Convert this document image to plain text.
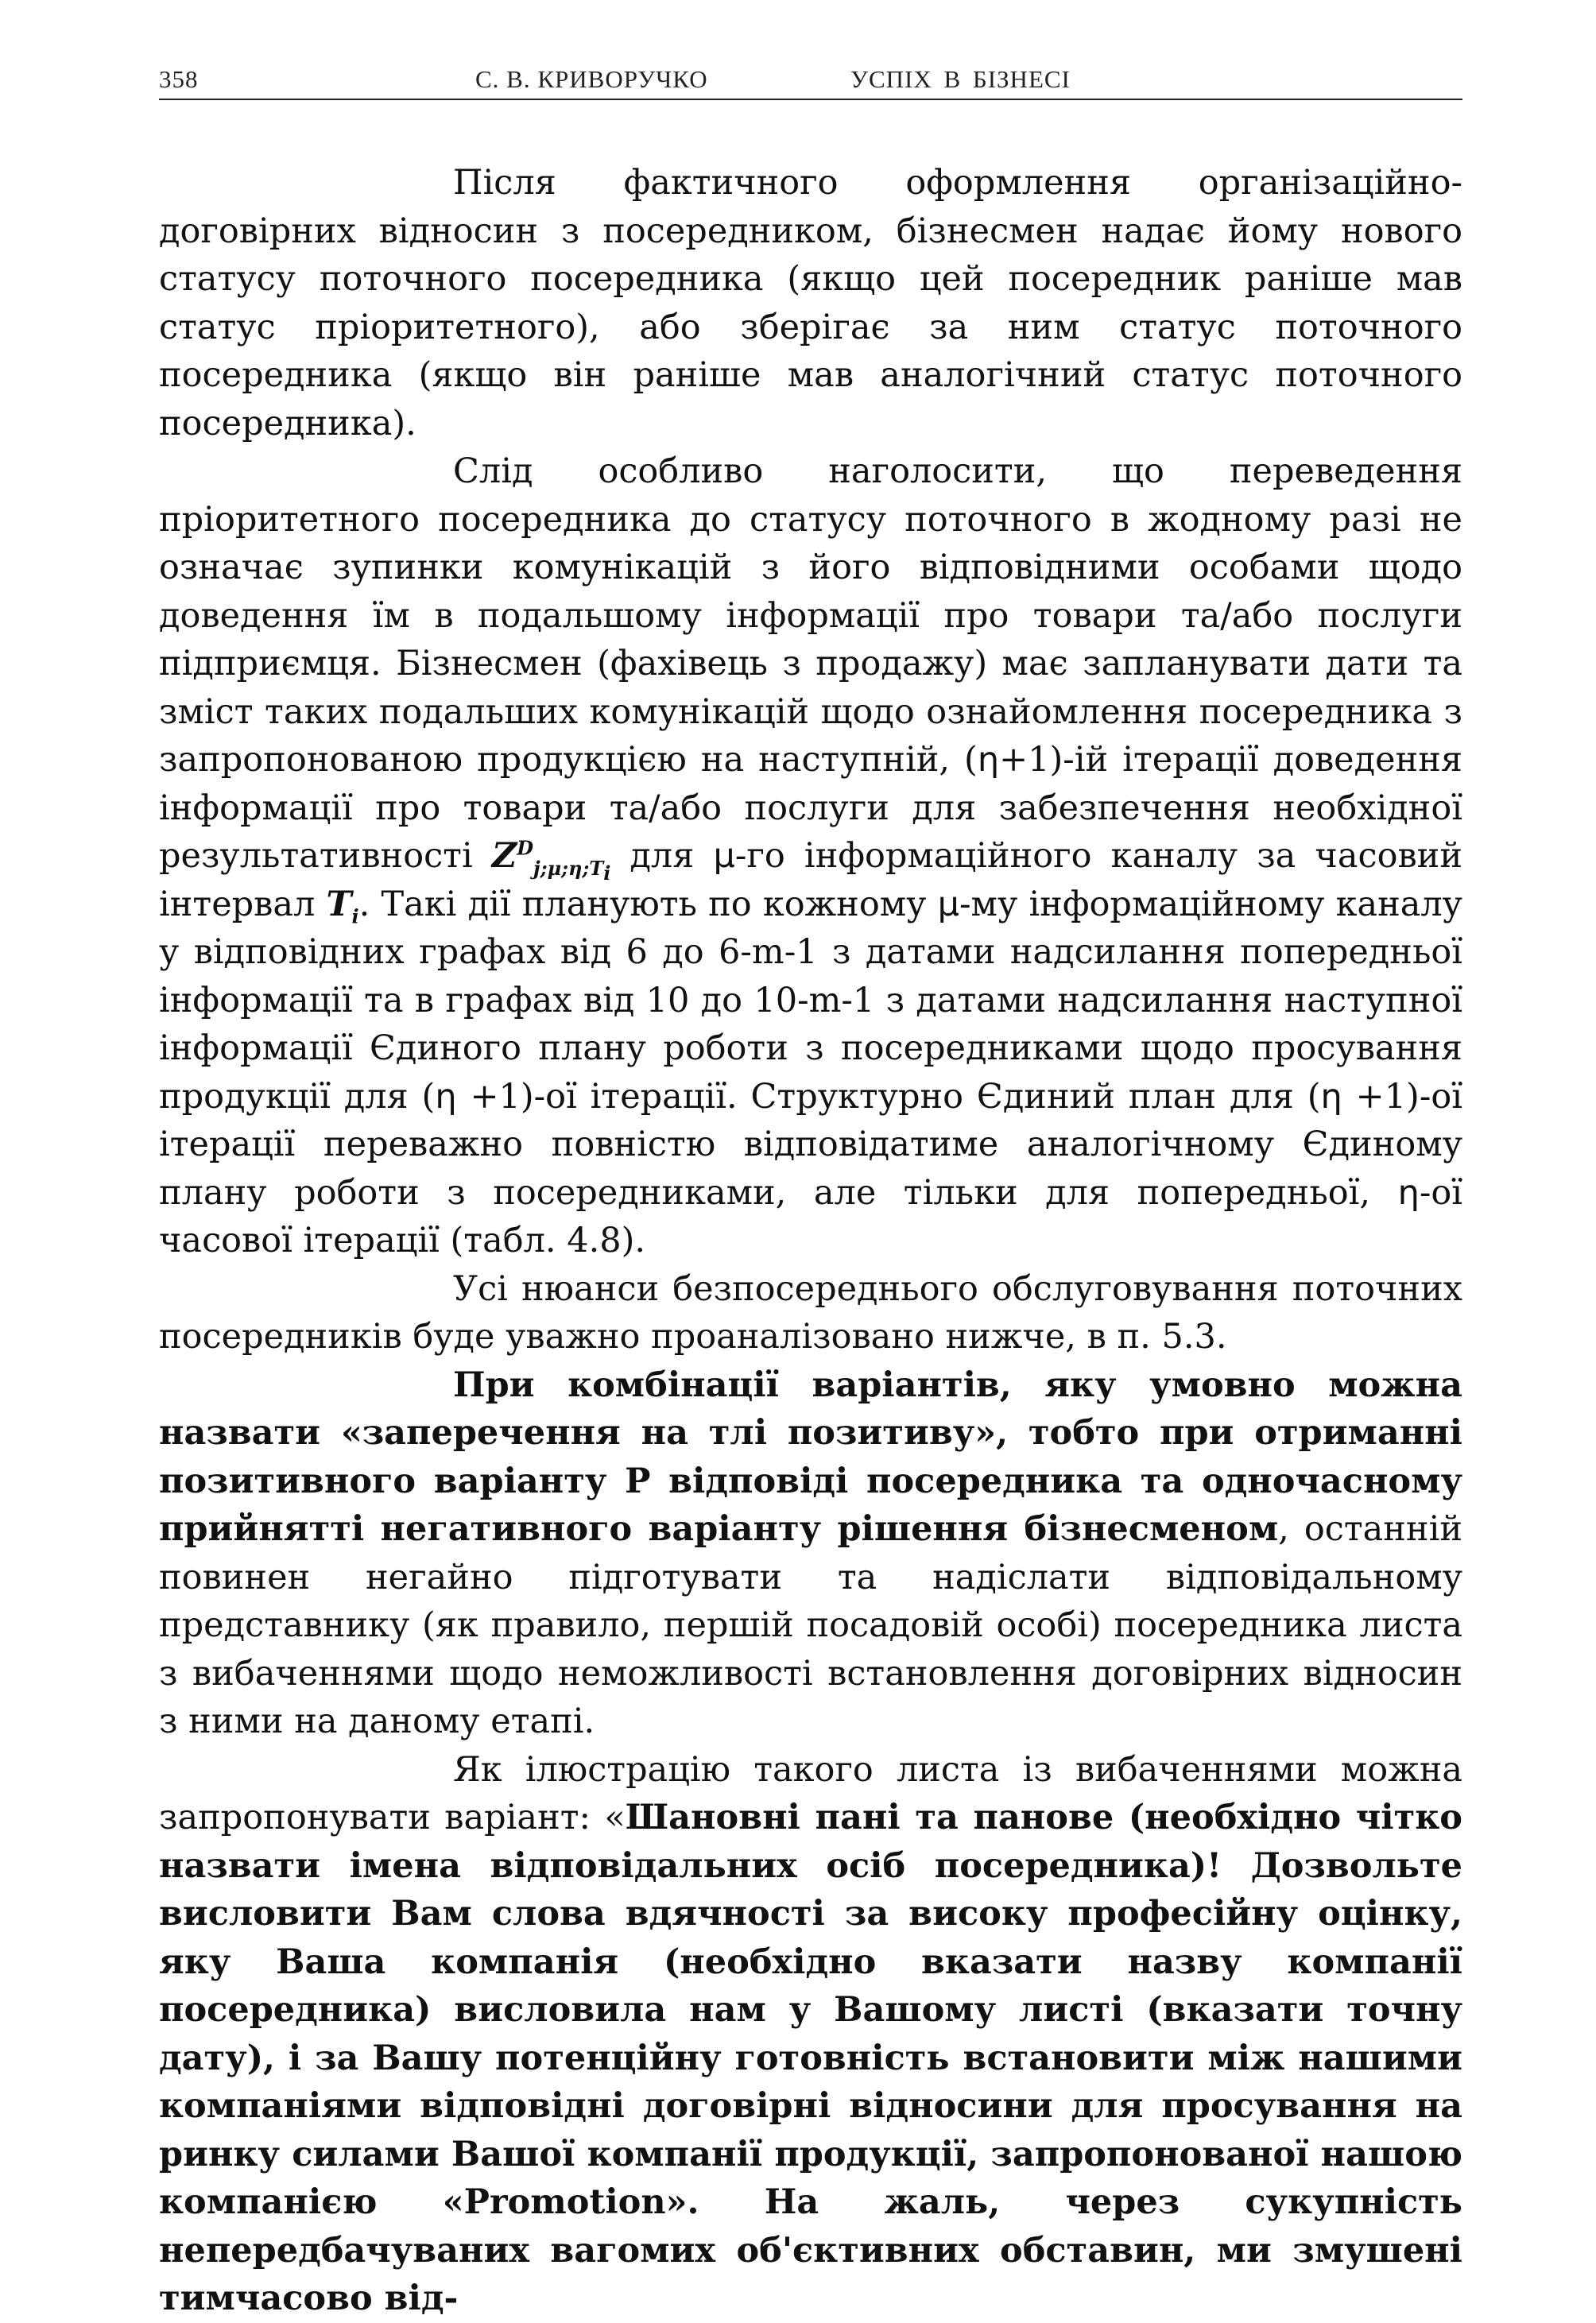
358	С. В. КРИВОРУЧКО	УСПІХ В БІЗНЕСІ

Після фактичного оформлення організаційно-договірних відносин з посередником, бізнесмен надає йому нового статусу поточного посередника (якщо цей посередник раніше мав статус пріоритетного), або зберігає за ним статус поточного посередника (якщо він раніше мав аналогічний статус поточного посередника).

Слід особливо наголосити, що переведення пріоритетного посередника до статусу поточного в жодному разі не означає зупинки комунікацій з його відповідними особами щодо доведення їм в подальшому інформації про товари та/або послуги підприємця. Бізнесмен (фахівець з продажу) має запланувати дати та зміст таких подальших комунікацій щодо ознайомлення посередника з запропонованою продукцією на наступній, (η+1)-ій ітерації доведення інформації про товари та/або послуги для забезпечення необхідної результативності $Z^D_{j;\mu;\eta;T_i}$ для μ-го інформаційного каналу за часовий інтервал $T_i$. Такі дії планують по кожному μ-му інформаційному каналу у відповідних графах від 6 до 6-m-1 з датами надсилання попередньої інформації та в графах від 10 до 10-m-1 з датами надсилання наступної інформації Єдиного плану роботи з посередниками щодо просування продукції для (η +1)-ої ітерації. Структурно Єдиний план для (η +1)-ої ітерації переважно повністю відповідатиме аналогічному Єдиному плану роботи з посередниками, але тільки для попередньої, η-ої часової ітерації (табл. 4.8).

Усі нюанси безпосереднього обслуговування поточних посередників буде уважно проаналізовано нижче, в п. 5.3.

При комбінації варіантів, яку умовно можна назвати «заперечення на тлі позитиву», тобто при отриманні позитивного варіанту P відповіді посередника та одночасному прийнятті негативного варіанту рішення бізнесменом, останній повинен негайно підготувати та надіслати відповідальному представнику (як правило, першій посадовій особі) посередника листа з вибаченнями щодо неможливості встановлення договірних відносин з ними на даному етапі.

Як ілюстрацію такого листа із вибаченнями можна запропонувати варіант: «Шановні пані та панове (необхідно чітко назвати імена відповідальних осіб посередника)! Дозвольте висловити Вам слова вдячності за високу професійну оцінку, яку Ваша компанія (необхідно вказати назву компанії посередника) висловила нам у Вашому листі (вказати точну дату), і за Вашу потенційну готовність встановити між нашими компаніями відповідні договірні відносини для просування на ринку силами Вашої компанії продукції, запропонованої нашою компанією «Promotion». На жаль, через сукупність непередбачуваних вагомих об'єктивних обставин, ми змушені тимчасово від-
